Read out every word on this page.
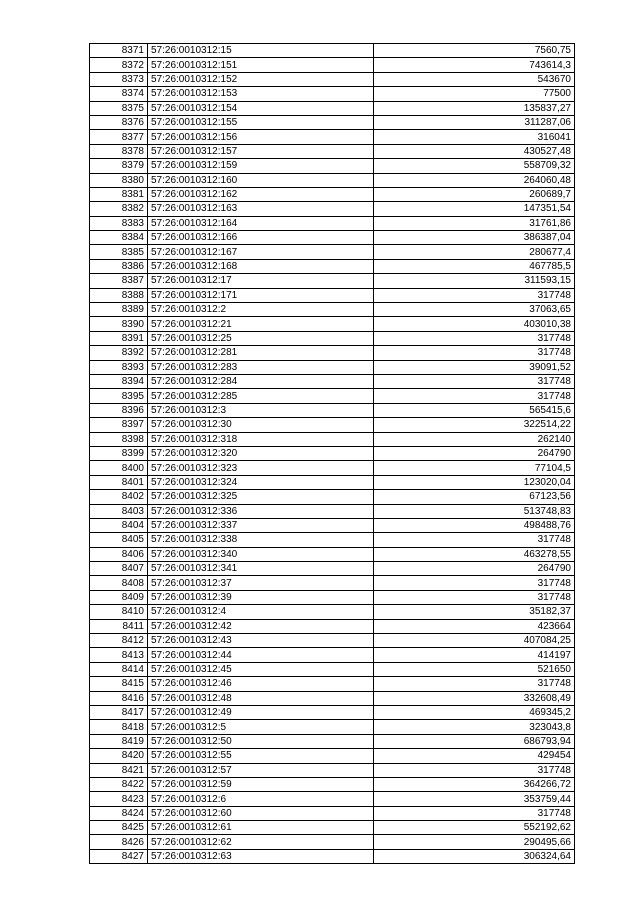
8371	57:26:0010312:15	7560,75
8372	57:26:0010312:151	743614,3
8373	57:26:0010312:152	543670
8374	57:26:0010312:153	77500
8375	57:26:0010312:154	135837,27
8376	57:26:0010312:155	311287,06
8377	57:26:0010312:156	316041
8378	57:26:0010312:157	430527,48
8379	57:26:0010312:159	558709,32
8380	57:26:0010312:160	264060,48
8381	57:26:0010312:162	260689,7
8382	57:26:0010312:163	147351,54
8383	57:26:0010312:164	31761,86
8384	57:26:0010312:166	386387,04
8385	57:26:0010312:167	280677,4
8386	57:26:0010312:168	467785,5
8387	57:26:0010312:17	311593,15
8388	57:26:0010312:171	317748
8389	57:26:0010312:2	37063,65
8390	57:26:0010312:21	403010,38
8391	57:26:0010312:25	317748
8392	57:26:0010312:281	317748
8393	57:26:0010312:283	39091,52
8394	57:26:0010312:284	317748
8395	57:26:0010312:285	317748
8396	57:26:0010312:3	565415,6
8397	57:26:0010312:30	322514,22
8398	57:26:0010312:318	262140
8399	57:26:0010312:320	264790
8400	57:26:0010312:323	77104,5
8401	57:26:0010312:324	123020,04
8402	57:26:0010312:325	67123,56
8403	57:26:0010312:336	513748,83
8404	57:26:0010312:337	498488,76
8405	57:26:0010312:338	317748
8406	57:26:0010312:340	463278,55
8407	57:26:0010312:341	264790
8408	57:26:0010312:37	317748
8409	57:26:0010312:39	317748
8410	57:26:0010312:4	35182,37
8411	57:26:0010312:42	423664
8412	57:26:0010312:43	407084,25
8413	57:26:0010312:44	414197
8414	57:26:0010312:45	521650
8415	57:26:0010312:46	317748
8416	57:26:0010312:48	332608,49
8417	57:26:0010312:49	469345,2
8418	57:26:0010312:5	323043,8
8419	57:26:0010312:50	686793,94
8420	57:26:0010312:55	429454
8421	57:26:0010312:57	317748
8422	57:26:0010312:59	364266,72
8423	57:26:0010312:6	353759,44
8424	57:26:0010312:60	317748
8425	57:26:0010312:61	552192,62
8426	57:26:0010312:62	290495,66
8427	57:26:0010312:63	306324,64
